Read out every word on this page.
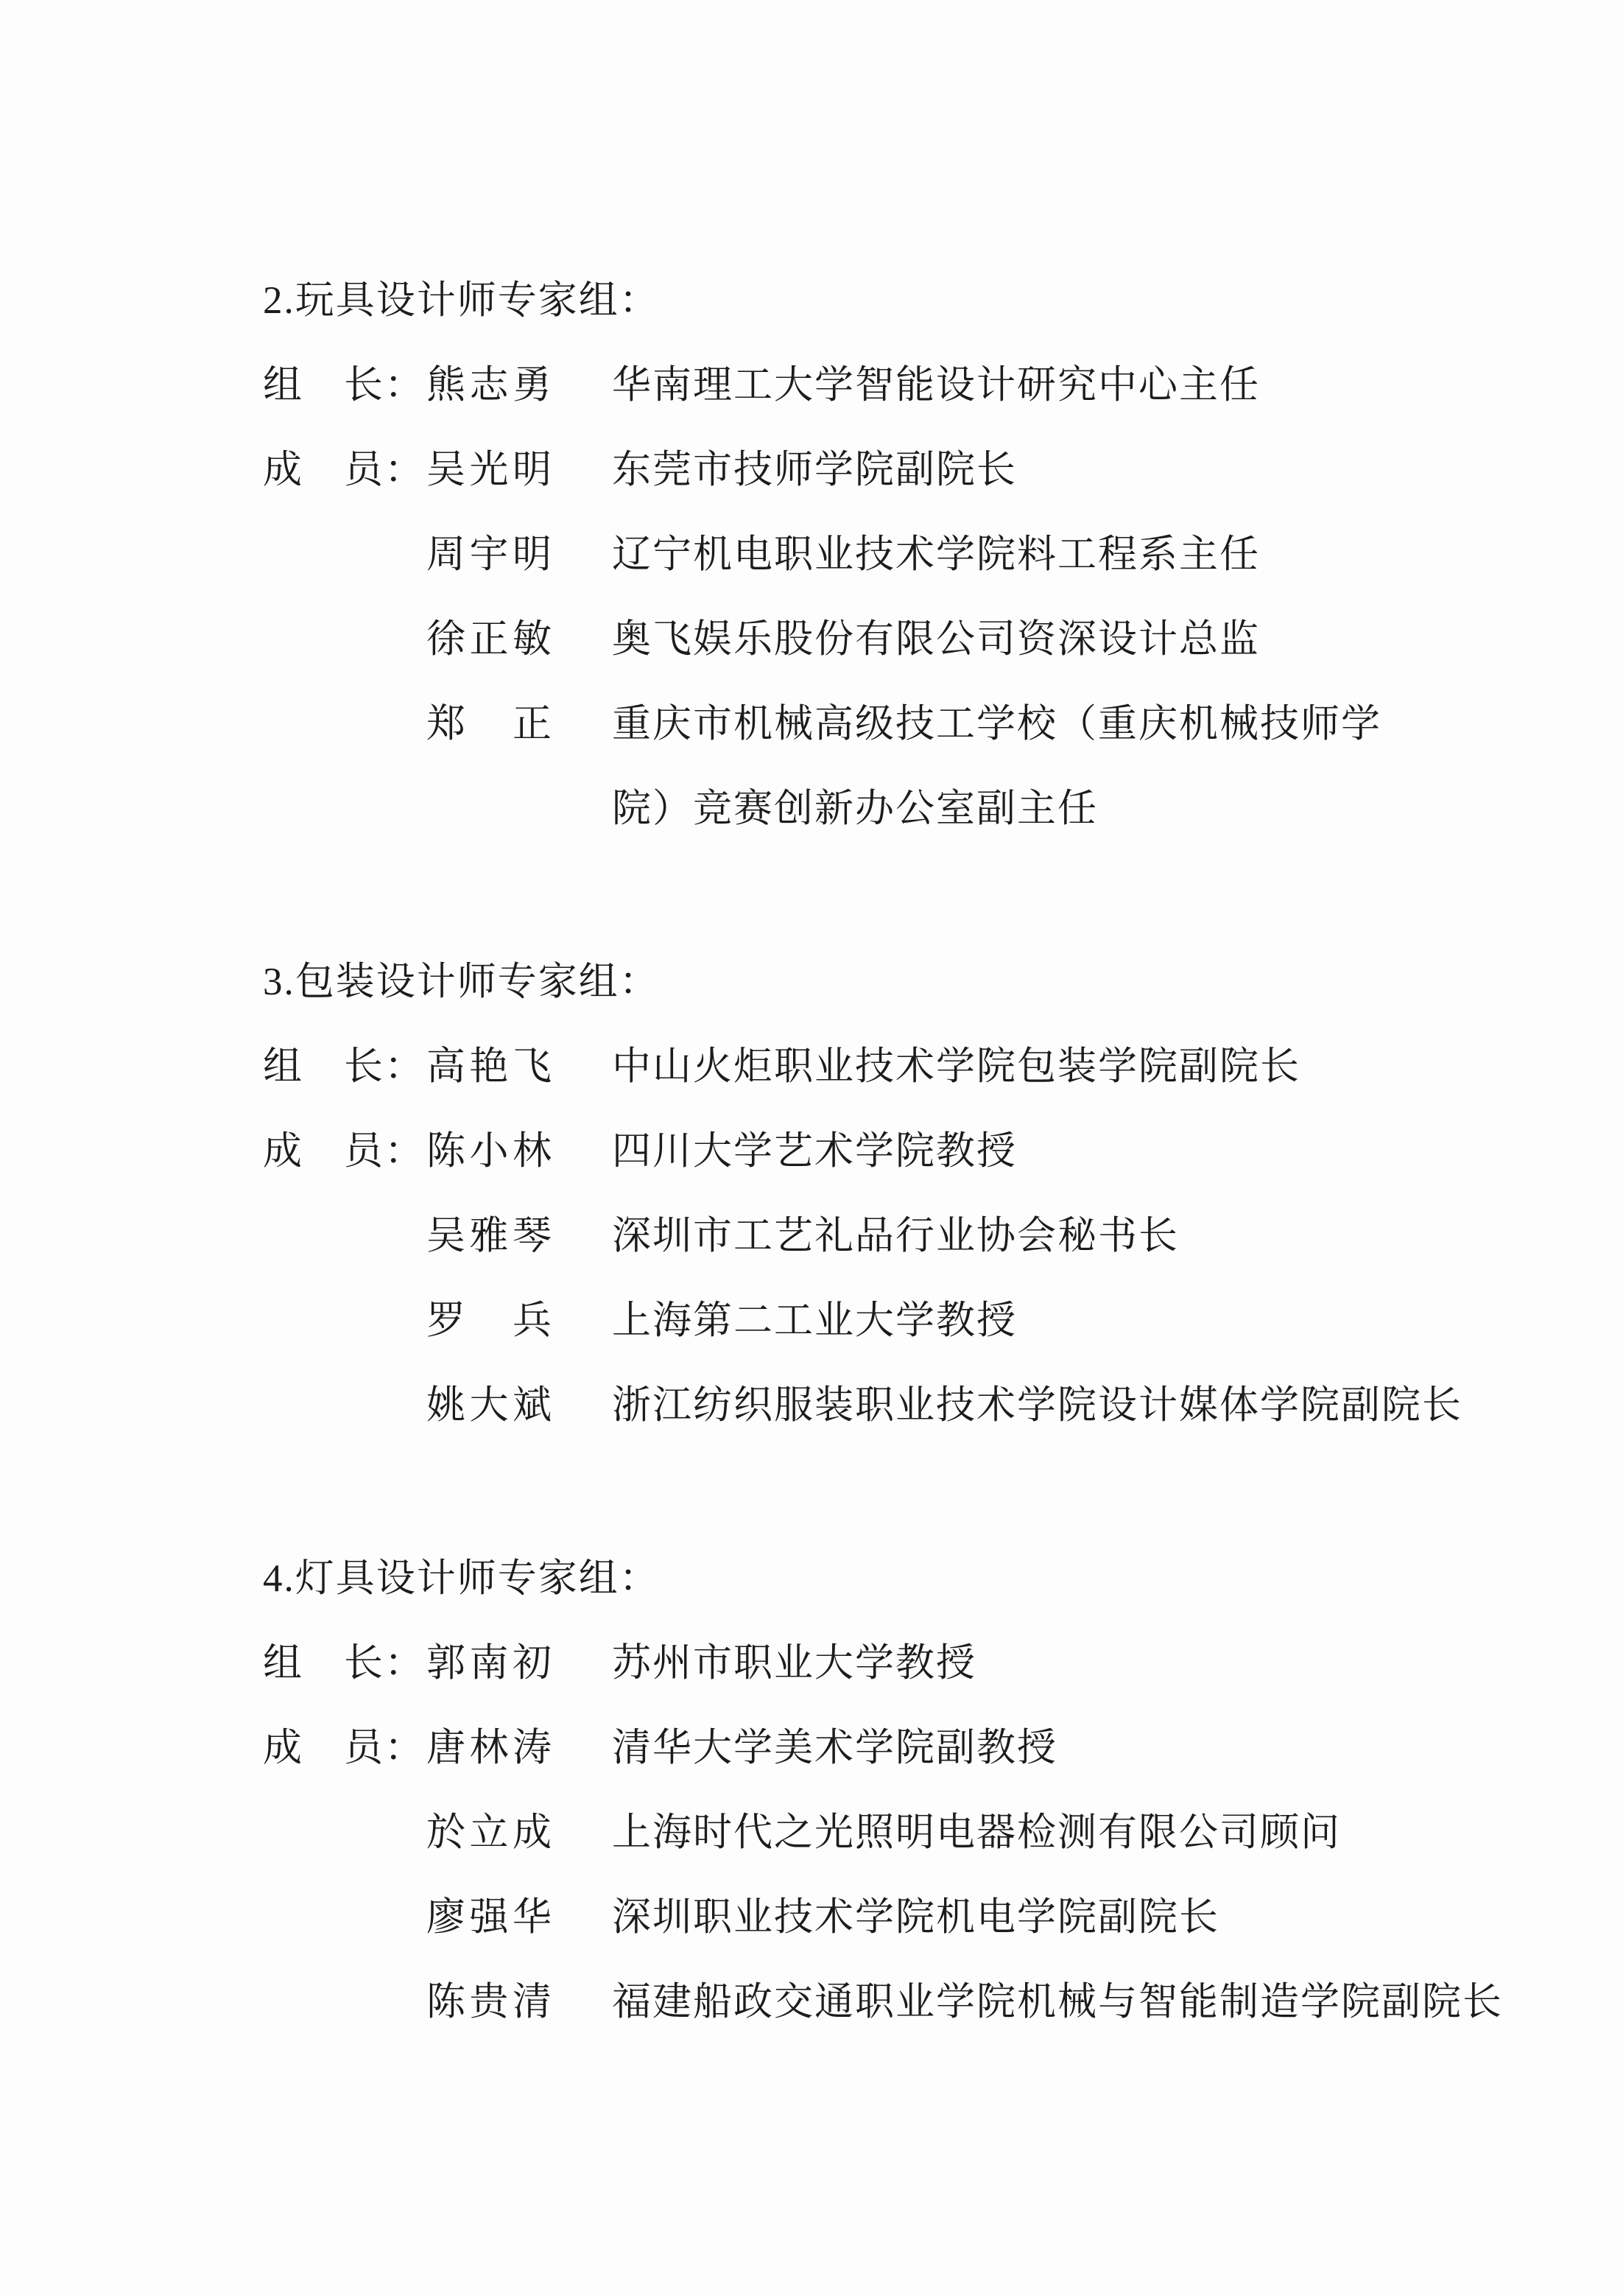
2.玩具设计师专家组：
组　长： 熊志勇 华南理工大学智能设计研究中心主任
成　员： 吴光明 东莞市技师学院副院长
周宇明 辽宁机电职业技术学院料工程系主任
徐正敏 奥飞娱乐股份有限公司资深设计总监
郑　正 重庆市机械高级技工学校（重庆机械技师学
院）竞赛创新办公室副主任
3.包装设计师专家组：
组　长： 高艳飞 中山火炬职业技术学院包装学院副院长
成　员： 陈小林 四川大学艺术学院教授
吴雅琴 深圳市工艺礼品行业协会秘书长
罗　兵 上海第二工业大学教授
姚大斌 浙江纺织服装职业技术学院设计媒体学院副院长
4.灯具设计师专家组：
组　长： 郭南初 苏州市职业大学教授
成　员： 唐林涛 清华大学美术学院副教授
於立成 上海时代之光照明电器检测有限公司顾问
廖强华 深圳职业技术学院机电学院副院长
陈贵清 福建船政交通职业学院机械与智能制造学院副院长
